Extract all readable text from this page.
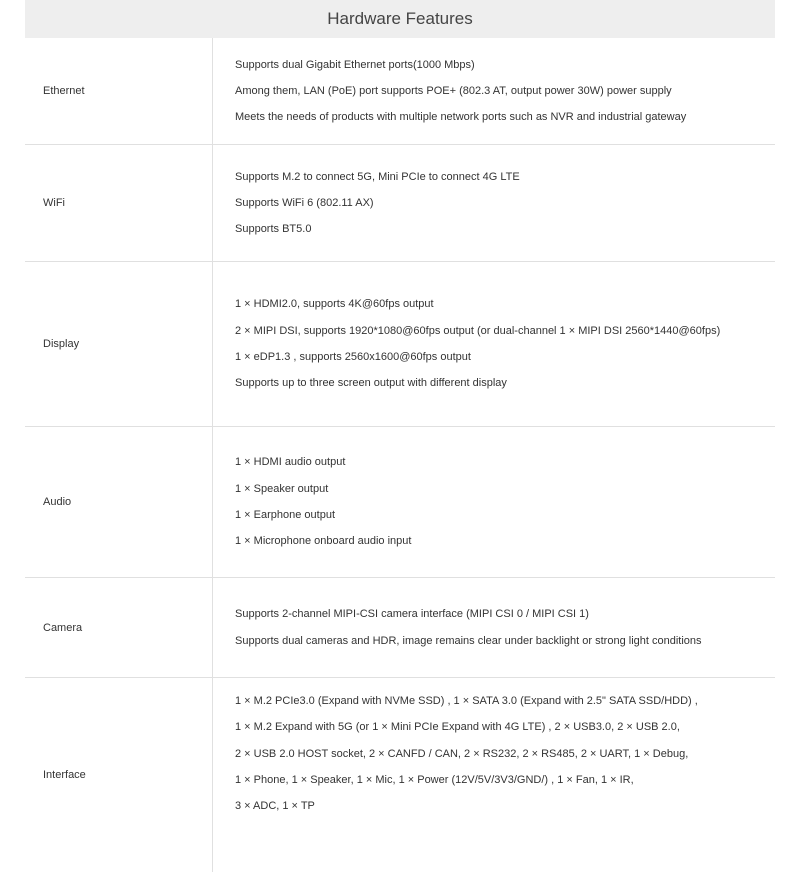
Hardware Features
Ethernet
Supports dual Gigabit Ethernet ports(1000 Mbps)
Among them, LAN (PoE) port supports POE+ (802.3 AT, output power 30W) power supply
Meets the needs of products with multiple network ports such as NVR and industrial gateway
WiFi
Supports M.2 to connect 5G, Mini PCIe to connect 4G LTE
Supports WiFi 6 (802.11 AX)
Supports BT5.0
Display
1 × HDMI2.0, supports 4K@60fps output
2 × MIPI DSI, supports 1920*1080@60fps output (or dual-channel 1 × MIPI DSI 2560*1440@60fps)
1 × eDP1.3 , supports 2560x1600@60fps output
Supports up to three screen output with different display
Audio
1 × HDMI audio output
1 × Speaker output
1 × Earphone output
1 × Microphone onboard audio input
Camera
Supports 2-channel MIPI-CSI camera interface (MIPI CSI 0 / MIPI CSI 1)
Supports dual cameras and HDR, image remains clear under backlight or strong light conditions
Interface
1 × M.2 PCIe3.0 (Expand with NVMe SSD) , 1 × SATA 3.0 (Expand with 2.5" SATA SSD/HDD) ,
1 × M.2 Expand with 5G (or 1 × Mini PCIe Expand with 4G LTE) , 2 × USB3.0, 2 × USB 2.0,
2 × USB 2.0 HOST socket, 2 × CANFD / CAN, 2 × RS232, 2 × RS485, 2 × UART, 1 × Debug,
1 × Phone, 1 × Speaker, 1 × Mic, 1 × Power (12V/5V/3V3/GND/) , 1 × Fan, 1 × IR,
3 × ADC, 1 × TP
